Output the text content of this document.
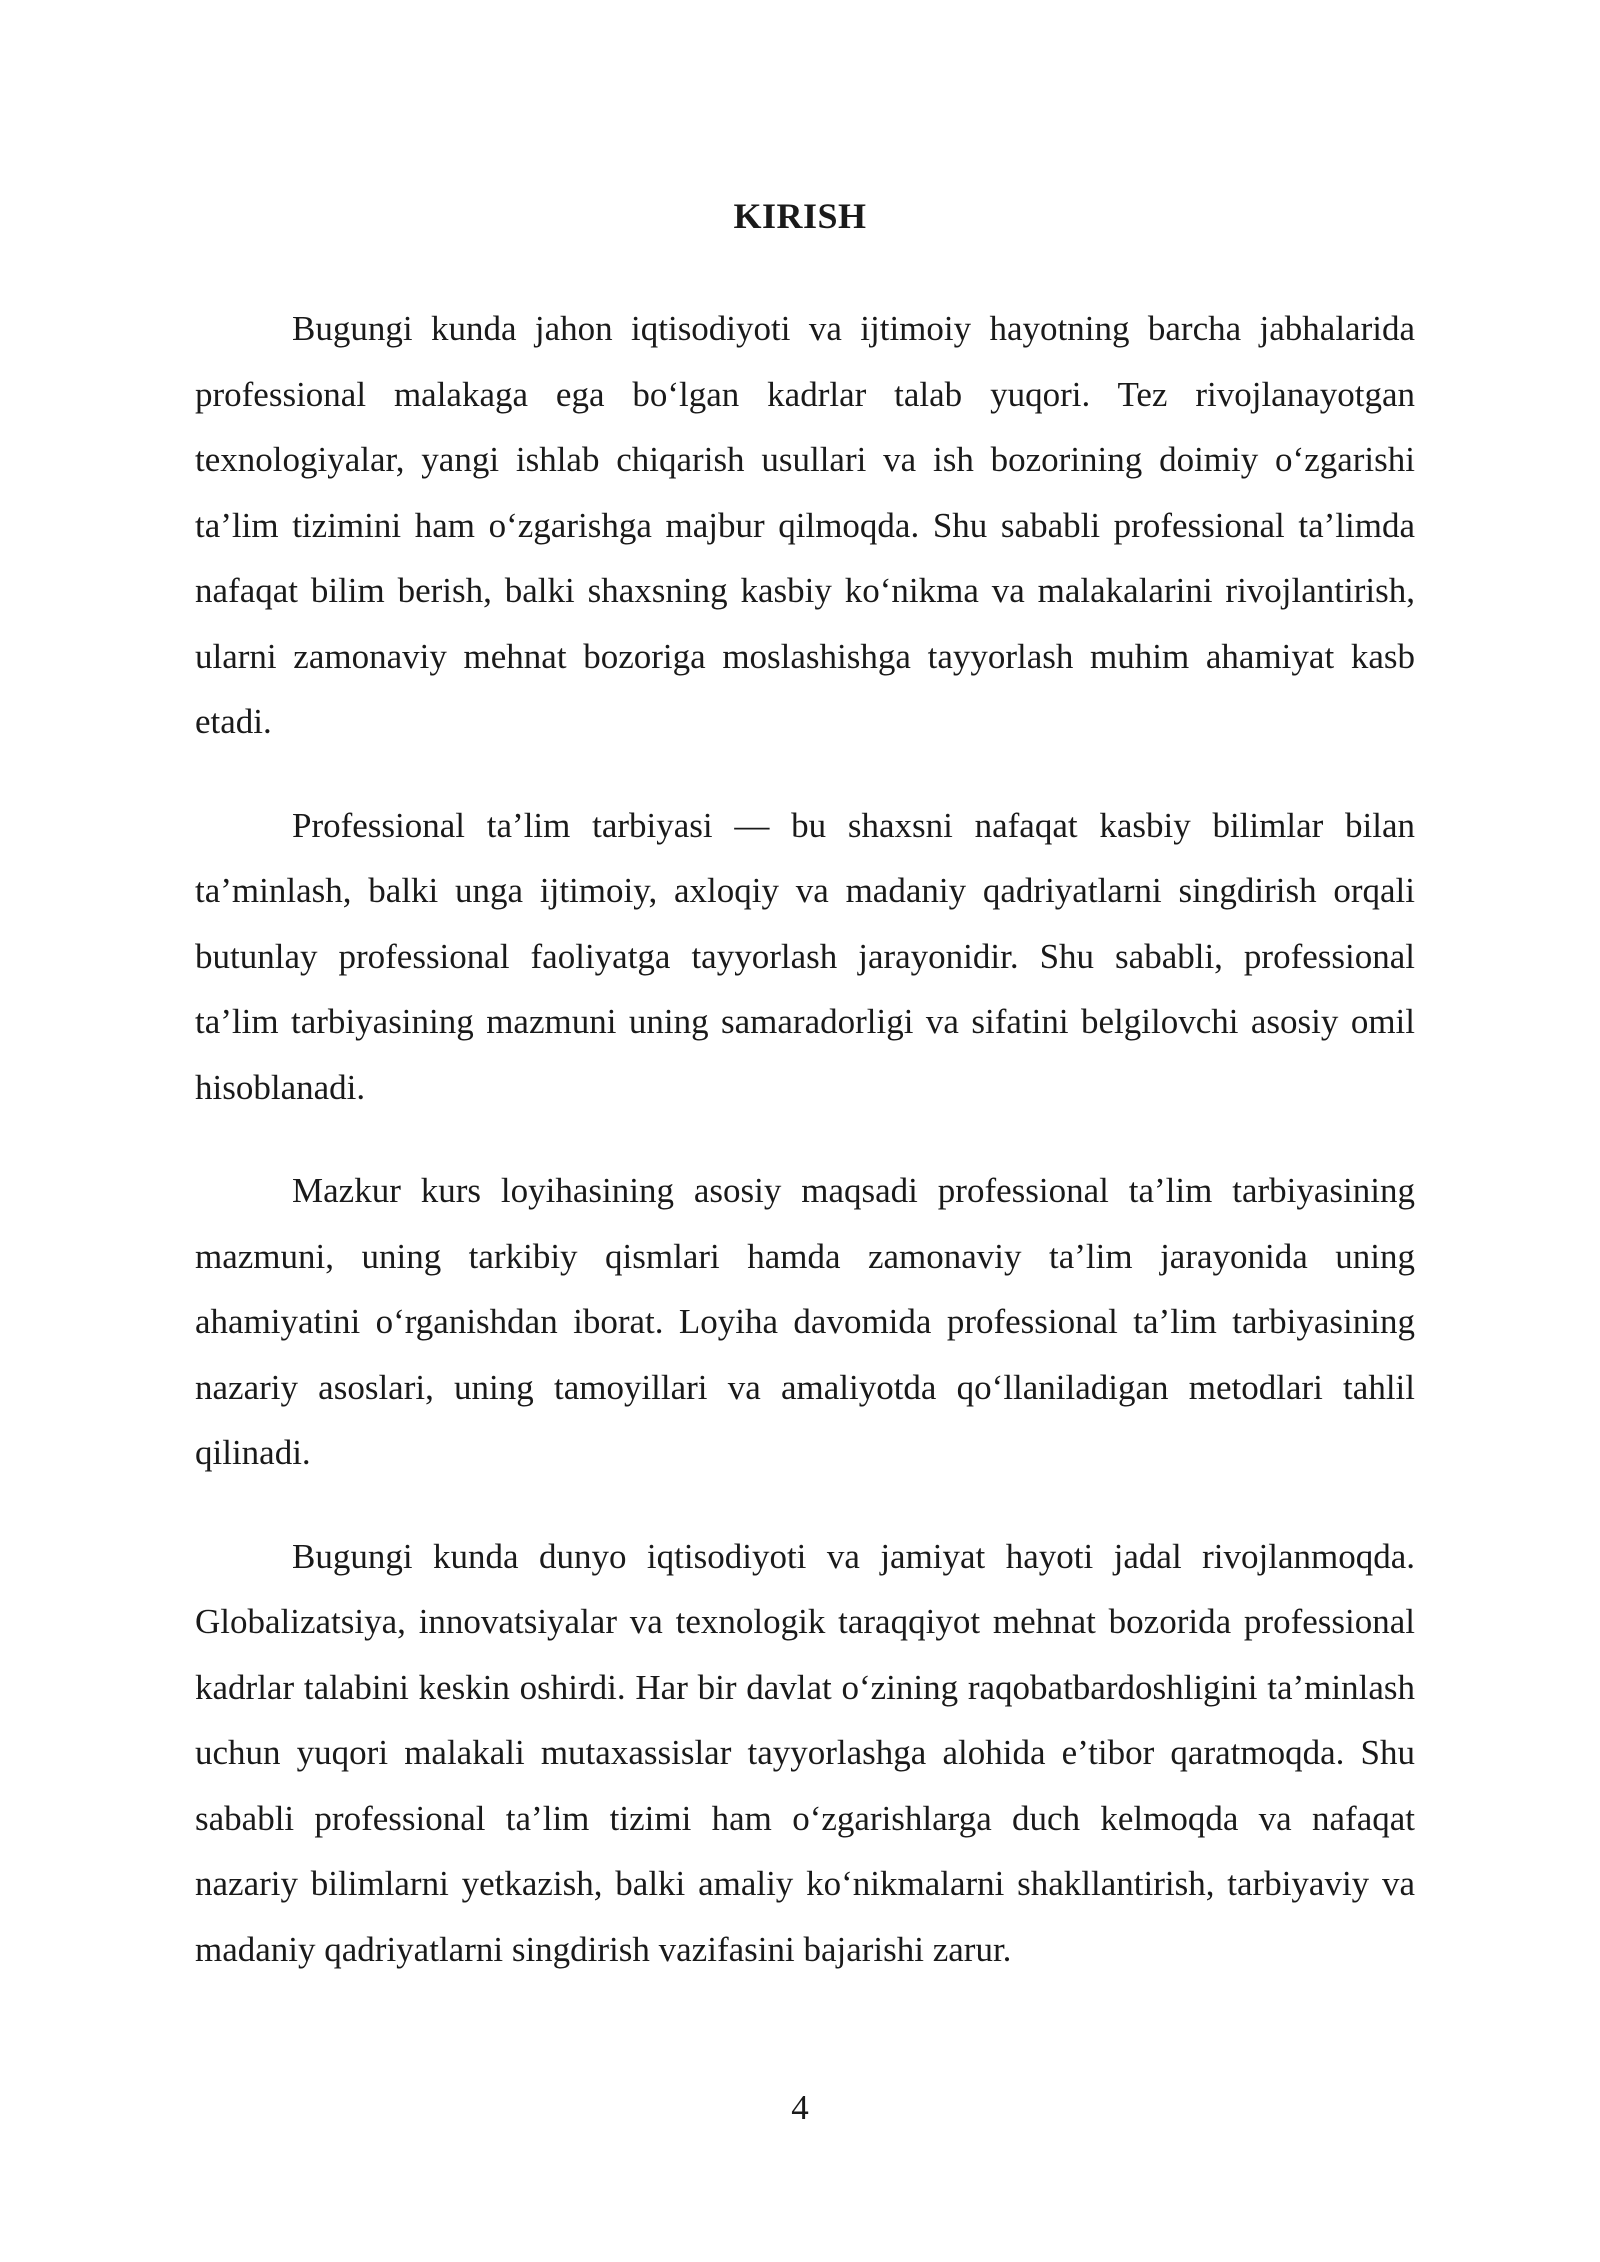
KIRISH

Bugungi kunda jahon iqtisodiyoti va ijtimoiy hayotning barcha jabhalarida professional malakaga ega bo‘lgan kadrlar talab yuqori. Tez rivojlanayotgan texnologiyalar, yangi ishlab chiqarish usullari va ish bozorining doimiy o‘zgarishi ta’lim tizimini ham o‘zgarishga majbur qilmoqda. Shu sababli professional ta’limda nafaqat bilim berish, balki shaxsning kasbiy ko‘nikma va malakalarini rivojlantirish, ularni zamonaviy mehnat bozoriga moslashishga tayyorlash muhim ahamiyat kasb etadi.

Professional ta’lim tarbiyasi — bu shaxsni nafaqat kasbiy bilimlar bilan ta’minlash, balki unga ijtimoiy, axloqiy va madaniy qadriyatlarni singdirish orqali butunlay professional faoliyatga tayyorlash jarayonidir. Shu sababli, professional ta’lim tarbiyasining mazmuni uning samaradorligi va sifatini belgilovchi asosiy omil hisoblanadi.

Mazkur kurs loyihasining asosiy maqsadi professional ta’lim tarbiyasining mazmuni, uning tarkibiy qismlari hamda zamonaviy ta’lim jarayonida uning ahamiyatini o‘rganishdan iborat. Loyiha davomida professional ta’lim tarbiyasining nazariy asoslari, uning tamoyillari va amaliyotda qo‘llaniladigan metodlari tahlil qilinadi.

Bugungi kunda dunyo iqtisodiyoti va jamiyat hayoti jadal rivojlanmoqda. Globalizatsiya, innovatsiyalar va texnologik taraqqiyot mehnat bozorida professional kadrlar talabini keskin oshirdi. Har bir davlat o‘zining raqobatbardoshligini ta’minlash uchun yuqori malakali mutaxassislar tayyorlashga alohida e’tibor qaratmoqda. Shu sababli professional ta’lim tizimi ham o‘zgarishlarga duch kelmoqda va nafaqat nazariy bilimlarni yetkazish, balki amaliy ko‘nikmalarni shakllantirish, tarbiyaviy va madaniy qadriyatlarni singdirish vazifasini bajarishi zarur.

4
